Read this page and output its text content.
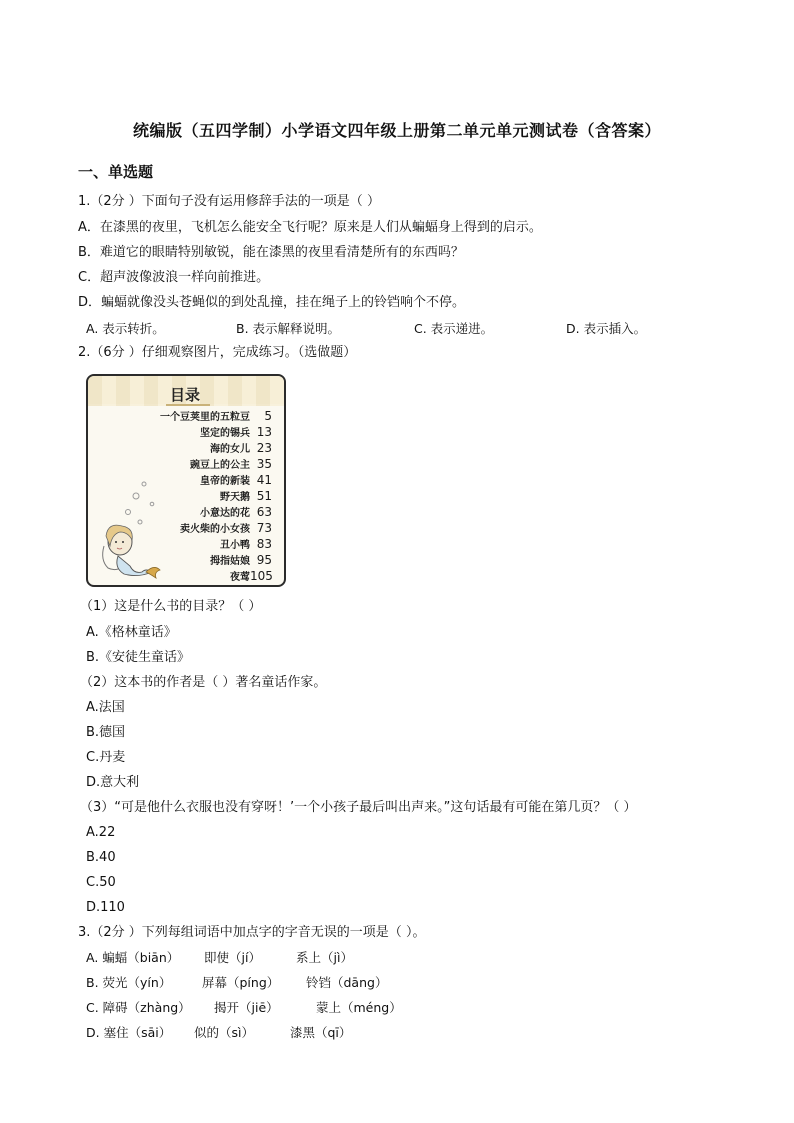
统编版（五四学制）小学语文四年级上册第二单元单元测试卷（含答案）
一、单选题
1.（2分 ）下面句子没有运用修辞手法的一项是（ ）
A．在漆黑的夜里，飞机怎么能安全飞行呢？原来是人们从蝙蝠身上得到的启示。
B．难道它的眼睛特别敏锐，能在漆黑的夜里看清楚所有的东西吗？
C．超声波像波浪一样向前推进。
D．蝙蝠就像没头苍蝇似的到处乱撞，挂在绳子上的铃铛响个不停。
A. 表示转折。	B. 表示解释说明。	C. 表示递进。	D. 表示插入。
2.（6分 ）仔细观察图片，完成练习。（选做题）
目录
一个豆荚里的五粒豆 5
坚定的锡兵 13
海的女儿 23
豌豆上的公主 35
皇帝的新装 41
野天鹅 51
小意达的花 63
卖火柴的小女孩 73
丑小鸭 83
拇指姑娘 95
夜莺105
（1）这是什么书的目录？（ ）
A.《格林童话》
B.《安徒生童话》
（2）这本书的作者是（ ）著名童话作家。
A.法国
B.德国
C.丹麦
D.意大利
（3）“可是他什么衣服也没有穿呀！’一个小孩子最后叫出声来。”这句话最有可能在第几页？（ ）
A.22
B.40
C.50
D.110
3.（2分 ）下列每组词语中加点字的字音无误的一项是（ ）。
A. 蝙蝠（biān） 即使（jí）	系上（jì）
B. 荧光（yín） 屏幕（píng） 铃铛（dāng）
C. 障碍（zhàng） 揭开（jiē）	蒙上（méng）
D. 塞住（sāi） 似的（sì）	漆黑（qī）
